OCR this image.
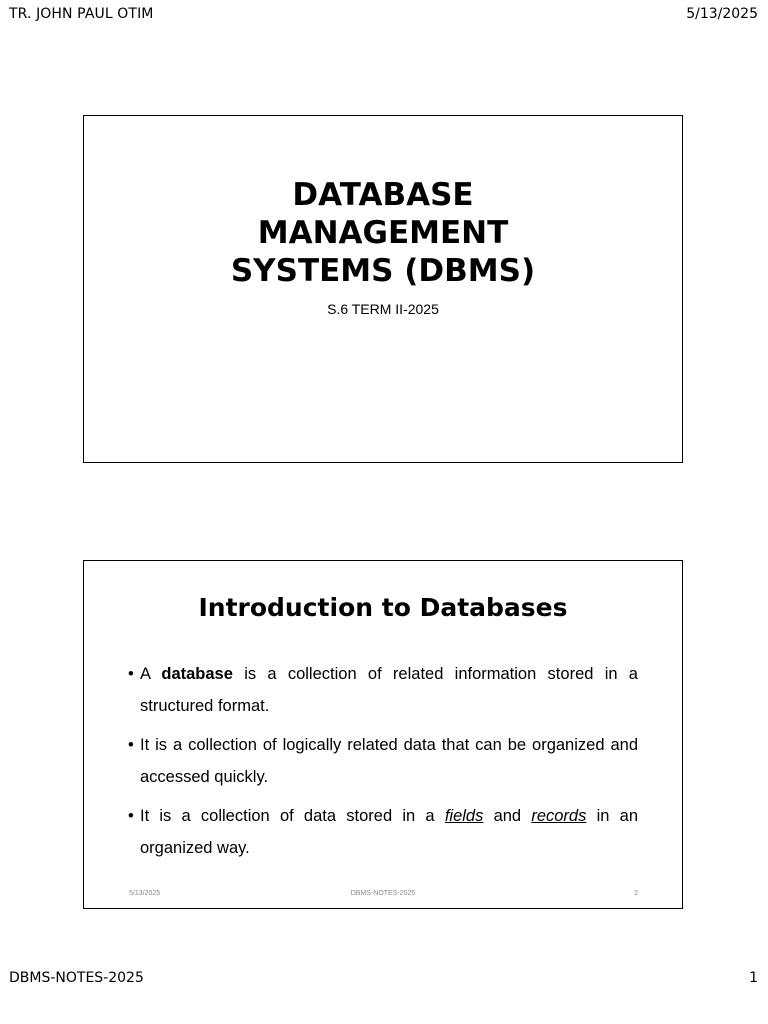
TR. JOHN PAUL OTIM	5/13/2025
DATABASE
MANAGEMENT
SYSTEMS (DBMS)
S.6 TERM II-2025
Introduction to Databases
• A database is a collection of related information stored in a structured format.
• It is a collection of logically related data that can be organized and accessed quickly.
• It is a collection of data stored in a fields and records in an organized way.
5/13/2025	DBMS-NOTES-2025	2
DBMS-NOTES-2025	1
